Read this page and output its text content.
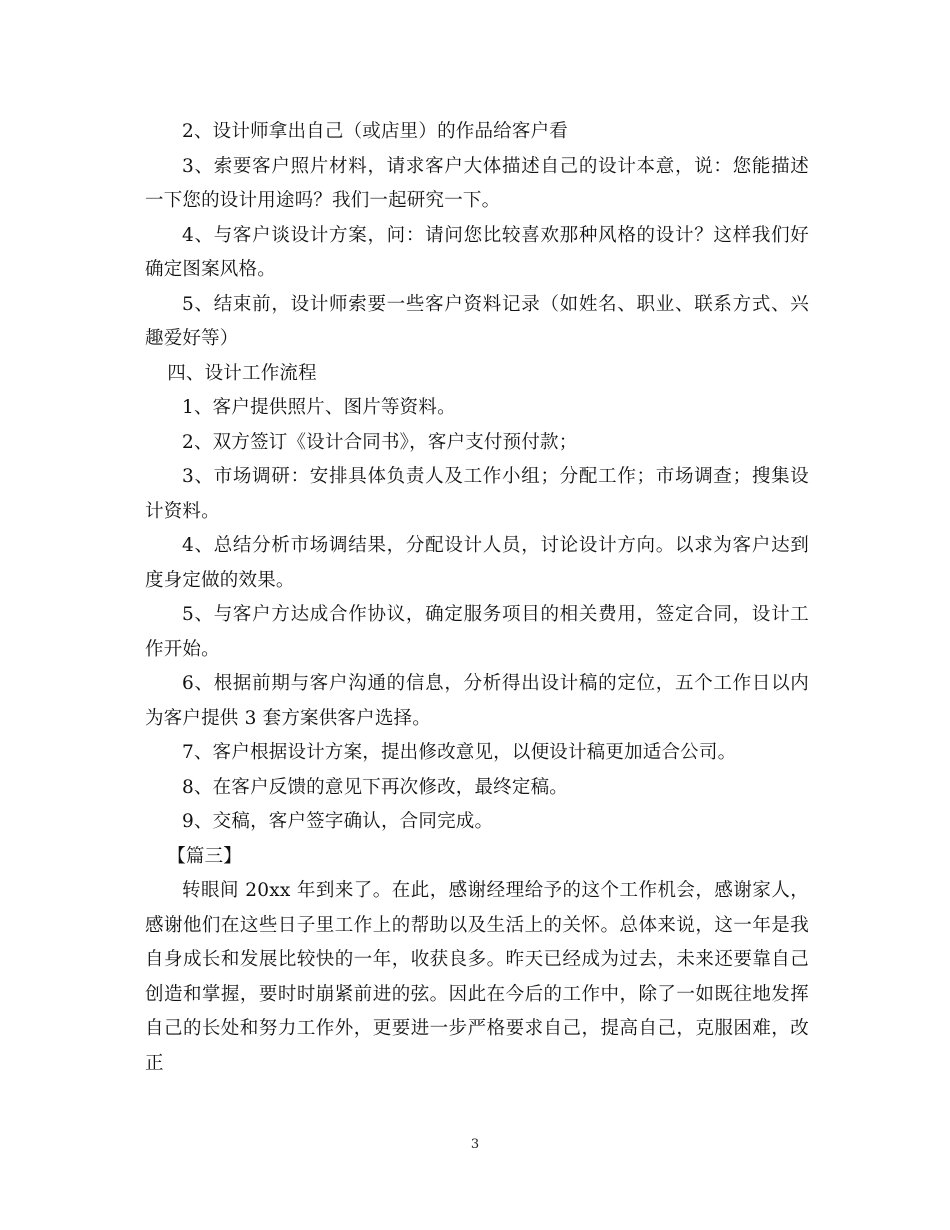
2、设计师拿出自己（或店里）的作品给客户看

3、索要客户照片材料，请求客户大体描述自己的设计本意，说：您能描述一下您的设计用途吗？我们一起研究一下。

4、与客户谈设计方案，问：请问您比较喜欢那种风格的设计？这样我们好确定图案风格。

5、结束前，设计师索要一些客户资料记录（如姓名、职业、联系方式、兴趣爱好等）

四、设计工作流程

1、客户提供照片、图片等资料。

2、双方签订《设计合同书》，客户支付预付款；

3、市场调研：安排具体负责人及工作小组；分配工作；市场调查；搜集设计资料。

4、总结分析市场调结果，分配设计人员，讨论设计方向。以求为客户达到度身定做的效果。

5、与客户方达成合作协议，确定服务项目的相关费用，签定合同，设计工作开始。

6、根据前期与客户沟通的信息，分析得出设计稿的定位，五个工作日以内为客户提供 3 套方案供客户选择。

7、客户根据设计方案，提出修改意见，以便设计稿更加适合公司。

8、在客户反馈的意见下再次修改，最终定稿。

9、交稿，客户签字确认，合同完成。

【篇三】

转眼间 20xx 年到来了。在此，感谢经理给予的这个工作机会，感谢家人，感谢他们在这些日子里工作上的帮助以及生活上的关怀。总体来说，这一年是我自身成长和发展比较快的一年，收获良多。昨天已经成为过去，未来还要靠自己创造和掌握，要时时崩紧前进的弦。因此在今后的工作中，除了一如既往地发挥自己的长处和努力工作外，更要进一步严格要求自己，提高自己，克服困难，改正

3
